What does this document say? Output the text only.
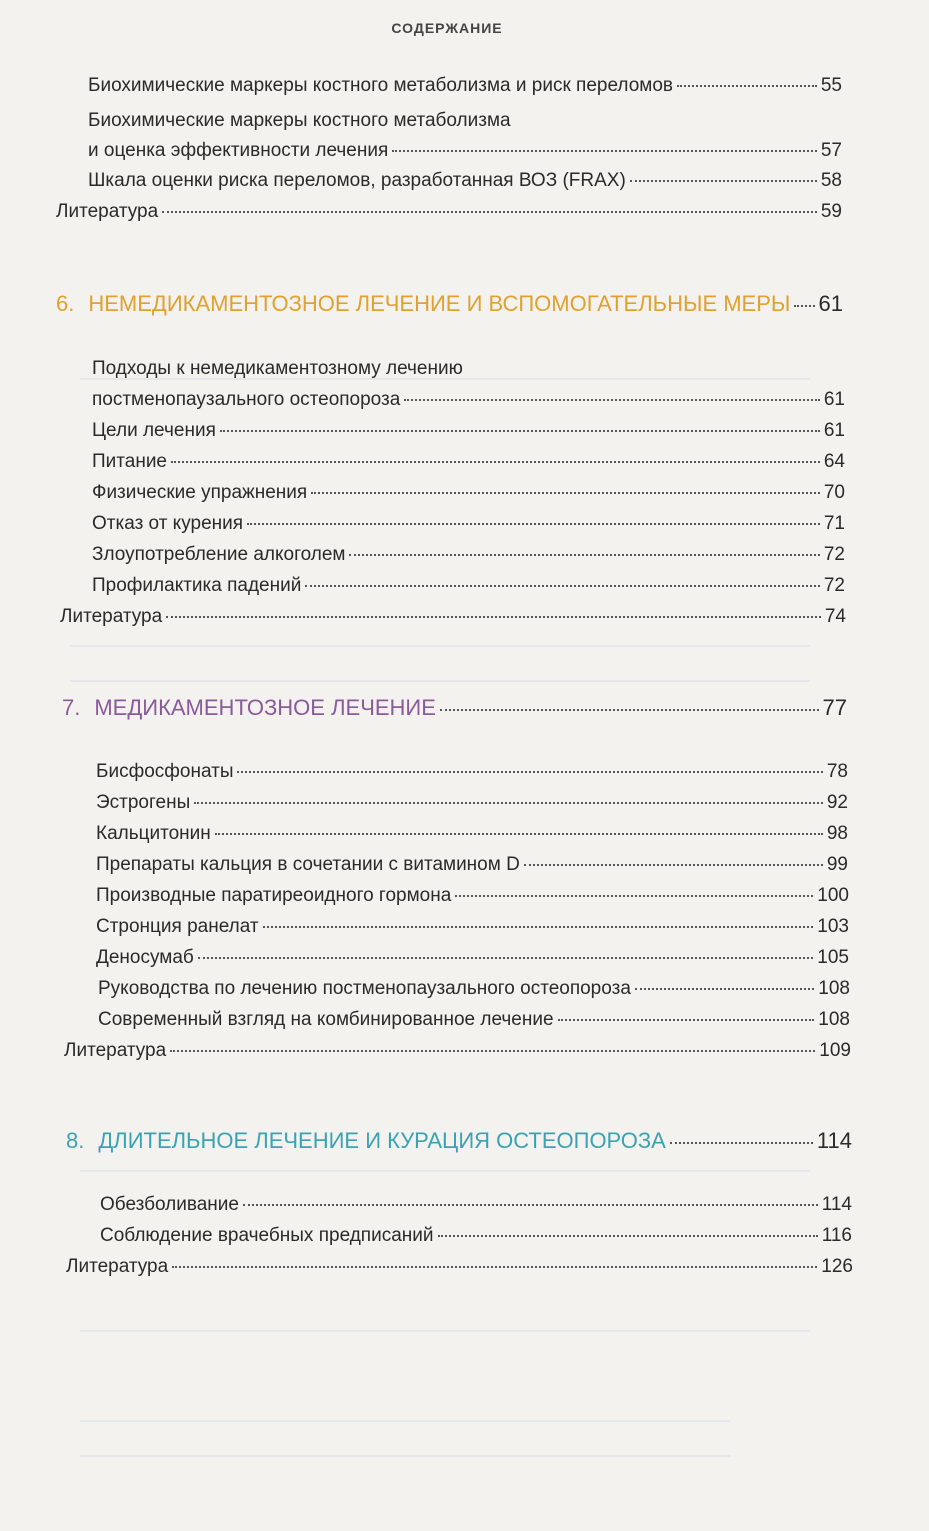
СОДЕРЖАНИЕ
Биохимические маркеры костного метаболизма и риск переломов	55
Биохимические маркеры костного метаболизма
и оценка эффективности лечения	57
Шкала оценки риска переломов, разработанная ВОЗ (FRAX)	58
Литература	59
6. НЕМЕДИКАМЕНТОЗНОЕ ЛЕЧЕНИЕ И ВСПОМОГАТЕЛЬНЫЕ МЕРЫ 61
Подходы к немедикаментозному лечению
постменопаузального остеопороза	61
Цели лечения	61
Питание	64
Физические упражнения	70
Отказ от курения	71
Злоупотребление алкоголем	72
Профилактика падений	72
Литература	74
7. МЕДИКАМЕНТОЗНОЕ ЛЕЧЕНИЕ	77
Бисфосфонаты	78
Эстрогены	92
Кальцитонин	98
Препараты кальция в сочетании с витамином D	99
Производные паратиреоидного гормона	100
Стронция ранелат	103
Деносумаб	105
Руководства по лечению постменопаузального остеопороза	108
Современный взгляд на комбинированное лечение	108
Литература	109
8. ДЛИТЕЛЬНОЕ ЛЕЧЕНИЕ И КУРАЦИЯ ОСТЕОПОРОЗА	114
Обезболивание	114
Соблюдение врачебных предписаний	116
Литература	126
